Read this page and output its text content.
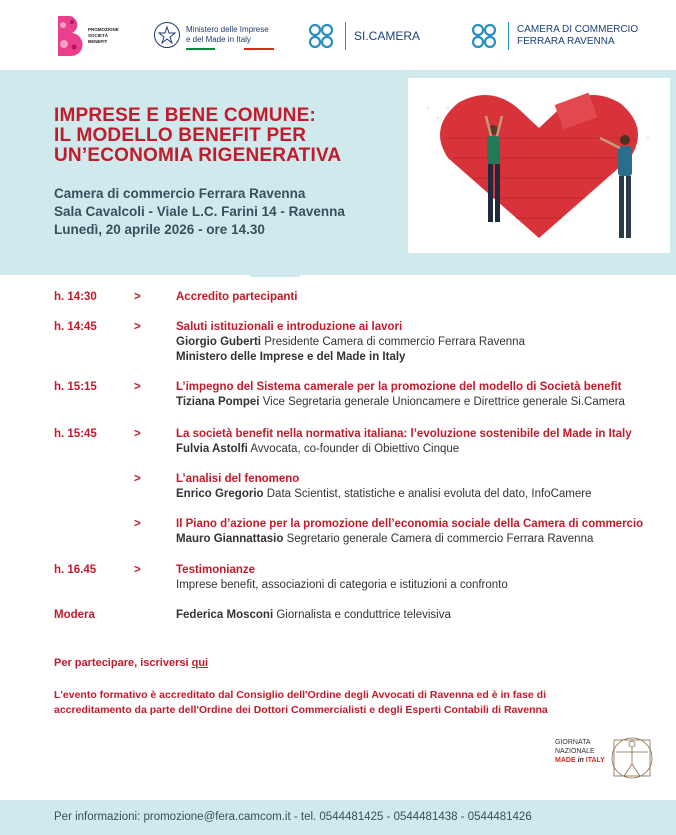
PROMOZIONE
SOCIETÀ
BENEFIT
Ministero delle Imprese
e del Made in Italy	SI.CAMERA	CAMERA DI COMMERCIO
FERRARA RAVENNA
IMPRESE E BENE COMUNE:
IL MODELLO BENEFIT PER
UN’ECONOMIA RIGENERATIVA
Camera di commercio Ferrara Ravenna
Sala Cavalcoli - Viale L.C. Farini 14 - Ravenna
Lunedì, 20 aprile 2026 - ore 14.30
h. 14:30	>	Accredito partecipanti
h. 14:45	>	Saluti istituzionali e introduzione ai lavori
Giorgio Guberti Presidente Camera di commercio Ferrara Ravenna
Ministero delle Imprese e del Made in Italy
h. 15:15	>	L’impegno del Sistema camerale per la promozione del modello di Società benefit
Tiziana Pompei Vice Segretaria generale Unioncamere e Direttrice generale Si.Camera
h. 15:45	>	La società benefit nella normativa italiana: l’evoluzione sostenibile del Made in Italy
Fulvia Astolfi Avvocata, co-founder di Obiettivo Cinque
>	L’analisi del fenomeno
Enrico Gregorio Data Scientist, statistiche e analisi evoluta del dato, InfoCamere
>	Il Piano d’azione per la promozione dell’economia sociale della Camera di commercio
Mauro Giannattasio Segretario generale Camera di commercio Ferrara Ravenna
h. 16.45	>	Testimonianze
Imprese benefit, associazioni di categoria e istituzioni a confronto
Modera	Federica Mosconi Giornalista e conduttrice televisiva
Per partecipare, iscriversi qui
L'evento formativo è accreditato dal Consiglio dell'Ordine degli Avvocati di Ravenna ed è in fase di
accreditamento da parte dell'Ordine dei Dottori Commercialisti e degli Esperti Contabili di Ravenna
GIORNATA
NAZIONALE
MADE in ITALY
Per informazioni: promozione@fera.camcom.it - tel. 0544481425 - 0544481438 - 0544481426
